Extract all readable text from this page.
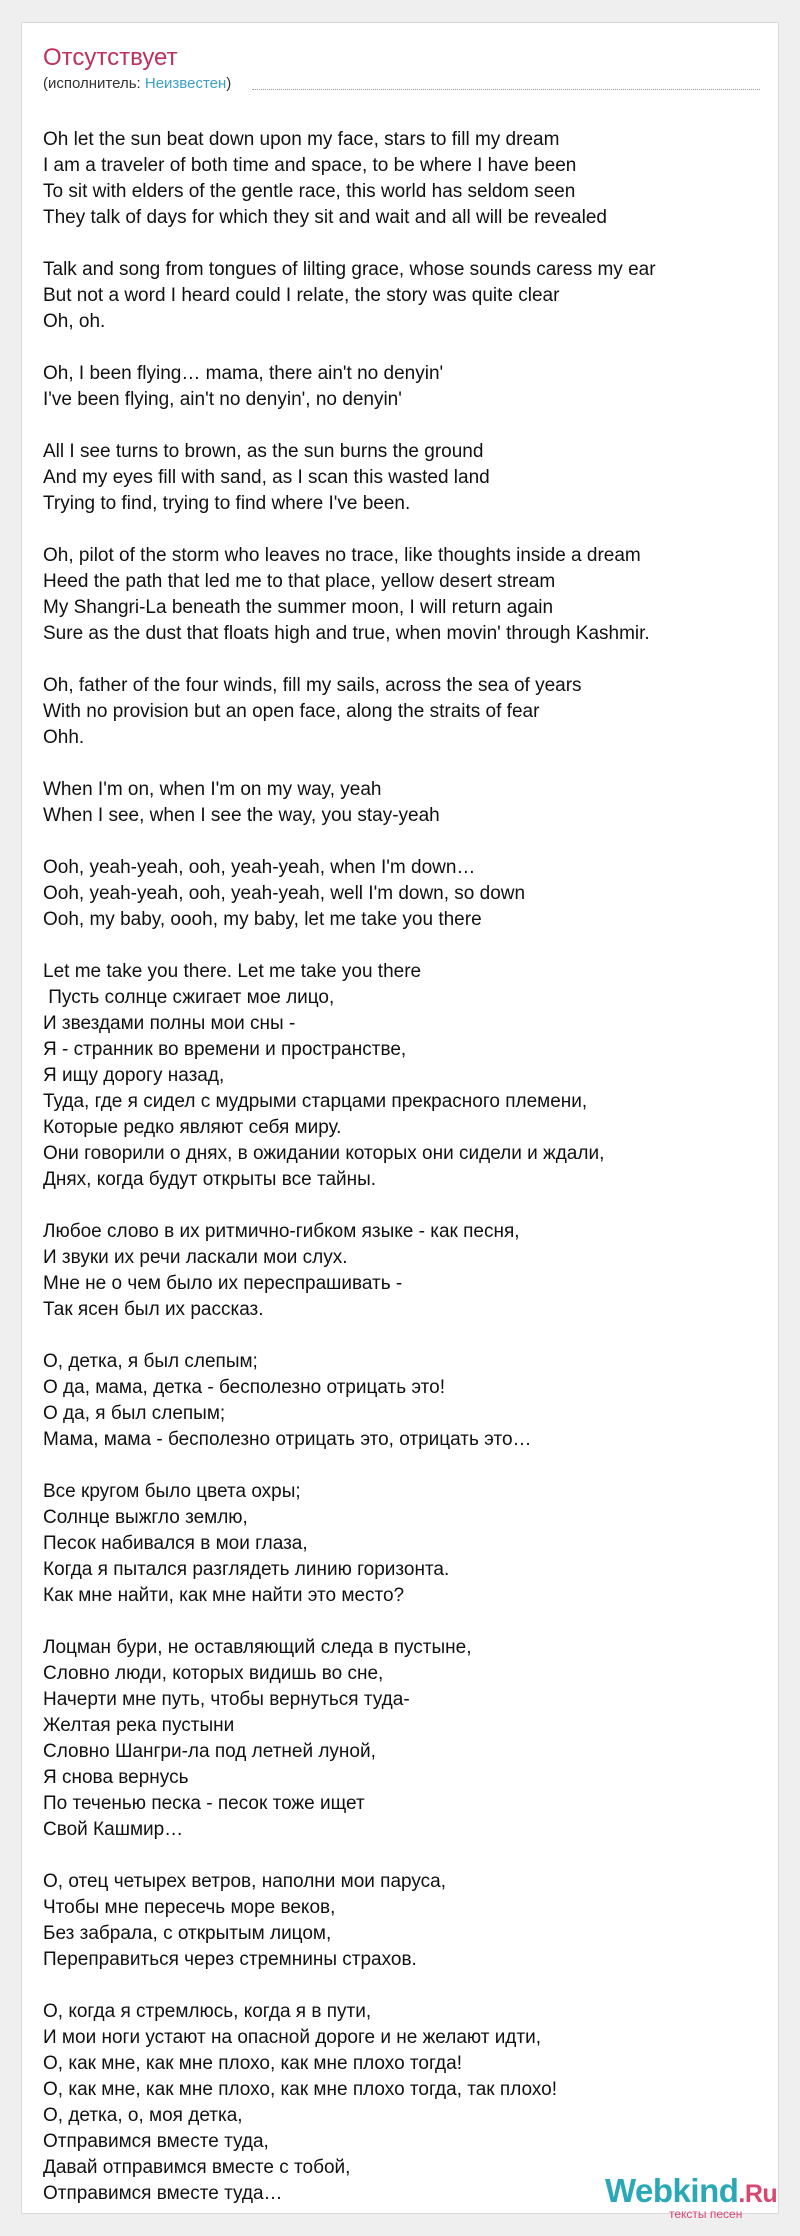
Отсутствует
(исполнитель: Неизвестен)

Oh let the sun beat down upon my face, stars to fill my dream
I am a traveler of both time and space, to be where I have been
To sit with elders of the gentle race, this world has seldom seen
They talk of days for which they sit and wait and all will be revealed

Talk and song from tongues of lilting grace, whose sounds caress my ear
But not a word I heard could I relate, the story was quite clear
Oh, oh.

Oh, I been flying… mama, there ain't no denyin'
I've been flying, ain't no denyin', no denyin'

All I see turns to brown, as the sun burns the ground
And my eyes fill with sand, as I scan this wasted land
Trying to find, trying to find where I've been.

Oh, pilot of the storm who leaves no trace, like thoughts inside a dream
Heed the path that led me to that place, yellow desert stream
My Shangri-La beneath the summer moon, I will return again
Sure as the dust that floats high and true, when movin' through Kashmir.

Oh, father of the four winds, fill my sails, across the sea of years
With no provision but an open face, along the straits of fear
Ohh.

When I'm on, when I'm on my way, yeah
When I see, when I see the way, you stay-yeah

Ooh, yeah-yeah, ooh, yeah-yeah, when I'm down…
Ooh, yeah-yeah, ooh, yeah-yeah, well I'm down, so down
Ooh, my baby, oooh, my baby, let me take you there

Let me take you there. Let me take you there
Пусть солнце сжигает мое лицо,
И звездами полны мои сны -
Я - странник во времени и пространстве,
Я ищу дорогу назад,
Туда, где я сидел с мудрыми старцами прекрасного племени,
Которые редко являют себя миру.
Они говорили о днях, в ожидании которых они сидели и ждали,
Днях, когда будут открыты все тайны.

Любое слово в их ритмично-гибком языке - как песня,
И звуки их речи ласкали мои слух.
Мне не о чем было их переспрашивать -
Так ясен был их рассказ.

О, детка, я был слепым;
О да, мама, детка - бесполезно отрицать это!
О да, я был слепым;
Мама, мама - бесполезно отрицать это, отрицать это…

Все кругом было цвета охры;
Солнце выжгло землю,
Песок набивался в мои глаза,
Когда я пытался разглядеть линию горизонта.
Как мне найти, как мне найти это место?

Лоцман бури, не оставляющий следа в пустыне,
Словно люди, которых видишь во сне,
Начерти мне путь, чтобы вернуться туда-
Желтая река пустыни
Словно Шангри-ла под летней луной,
Я снова вернусь
По теченью песка - песок тоже ищет
Свой Кашмир…

О, отец четырех ветров, наполни мои паруса,
Чтобы мне пересечь море веков,
Без забрала, с открытым лицом,
Переправиться через стремнины страхов.

О, когда я стремлюсь, когда я в пути,
И мои ноги устают на опасной дороге и не желают идти,
О, как мне, как мне плохо, как мне плохо тогда!
О, как мне, как мне плохо, как мне плохо тогда, так плохо!
О, детка, о, моя детка,
Отправимся вместе туда,
Давай отправимся вместе с тобой,
Отправимся вместе туда…	Webkind.Ru
тексты песен
